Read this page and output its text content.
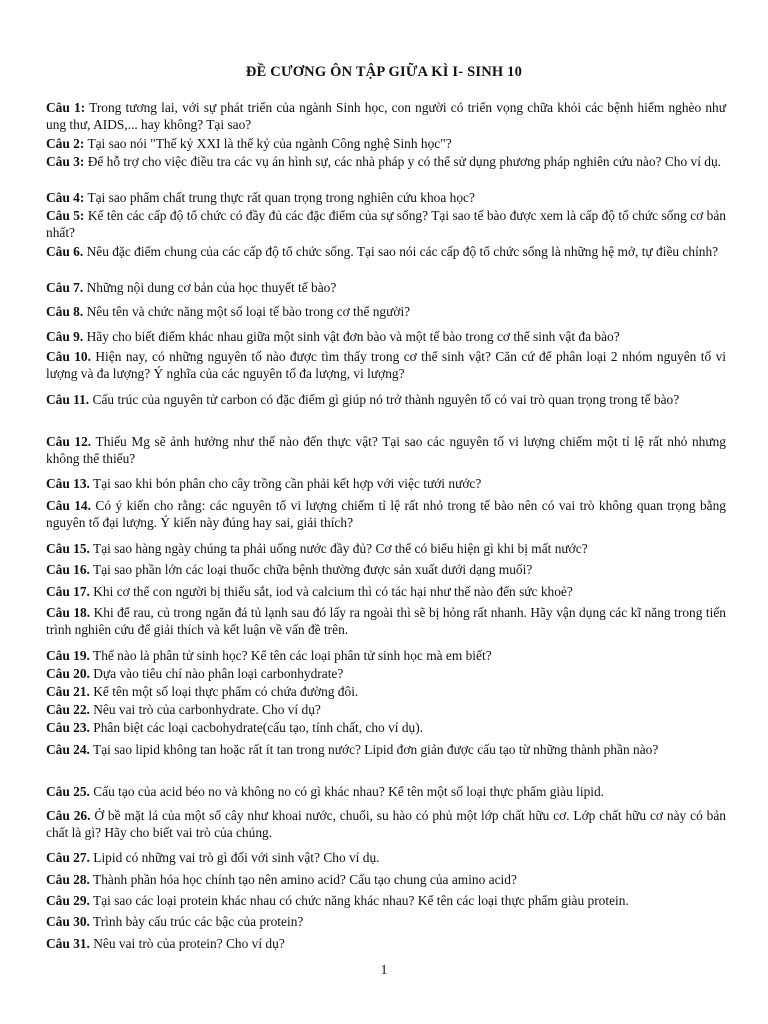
ĐỀ CƯƠNG ÔN TẬP GIỮA KÌ I- SINH 10
Câu 1: Trong tương lai, với sự phát triển của ngành Sinh học, con người có triển vọng chữa khỏi các bệnh hiểm nghèo như ung thư, AIDS,... hay không? Tại sao?
Câu 2: Tại sao nói "Thế kỷ XXI là thế kỷ của ngành Công nghệ Sinh học"?
Câu 3: Để hỗ trợ cho việc điều tra các vụ án hình sự, các nhà pháp y có thể sử dụng phương pháp nghiên cứu nào? Cho ví dụ.
Câu 4: Tại sao phẩm chất trung thực rất quan trọng trong nghiên cứu khoa học?
Câu 5: Kể tên các cấp độ tổ chức có đầy đủ các đặc điểm của sự sống? Tại sao tế bào được xem là cấp độ tổ chức sống cơ bản nhất?
Câu 6. Nêu đặc điểm chung của các cấp độ tổ chức sống. Tại sao nói các cấp độ tổ chức sống là những hệ mở, tự điều chỉnh?
Câu 7. Những nội dung cơ bản của học thuyết tế bào?
Câu 8. Nêu tên và chức năng một số loại tế bào trong cơ thể người?
Câu 9. Hãy cho biết điểm khác nhau giữa một sinh vật đơn bào và một tế bào trong cơ thể sinh vật đa bào?
Câu 10. Hiện nay, có những nguyên tố nào được tìm thấy trong cơ thể sinh vật? Căn cứ để phân loại 2 nhóm nguyên tố vi lượng và đa lượng? Ý nghĩa của các nguyên tố đa lượng, vi lượng?
Câu 11. Cấu trúc của nguyên tử carbon có đặc điểm gì giúp nó trở thành nguyên tố có vai trò quan trọng trong tế bào?
Câu 12. Thiếu Mg sẽ ảnh hưởng như thế nào đến thực vật? Tại sao các nguyên tố vi lượng chiếm một tỉ lệ rất nhỏ nhưng không thể thiếu?
Câu 13. Tại sao khi bón phân cho cây trồng cần phải kết hợp với việc tưới nước?
Câu 14. Có ý kiến cho rằng: các nguyên tố vi lượng chiếm tỉ lệ rất nhỏ trong tế bào nên có vai trò không quan trọng bằng nguyên tố đại lượng. Ý kiến này đúng hay sai, giải thích?
Câu 15. Tại sao hàng ngày chúng ta phải uống nước đầy đủ? Cơ thể có biểu hiện gì khi bị mất nước?
Câu 16. Tại sao phần lớn các loại thuốc chữa bệnh thường được sản xuất dưới dạng muối?
Câu 17. Khi cơ thể con người bị thiếu sắt, iod và calcium thì có tác hại như thế nào đến sức khoẻ?
Câu 18. Khi để rau, củ trong ngăn đá tủ lạnh sau đó lấy ra ngoài thì sẽ bị hỏng rất nhanh. Hãy vận dụng các kĩ năng trong tiến trình nghiên cứu để giải thích và kết luận về vấn đề trên.
Câu 19. Thế nào là phân tử sinh học? Kể tên các loại phân tử sinh học mà em biết?
Câu 20. Dựa vào tiêu chí nào phân loại carbonhydrate?
Câu 21. Kể tên một số loại thực phẩm có chứa đường đôi.
Câu 22. Nêu vai trò của carbonhydrate. Cho ví dụ?
Câu 23. Phân biệt các loại cacbohydrate(cấu tạo, tính chất, cho ví dụ).
Câu 24. Tại sao lipid không tan hoặc rất ít tan trong nước? Lipid đơn giản được cấu tạo từ những thành phần nào?
Câu 25. Cấu tạo của acid béo no và không no có gì khác nhau? Kể tên một số loại thực phẩm giàu lipid.
Câu 26. Ở bề mặt lá của một số cây như khoai nước, chuối, su hào có phủ một lớp chất hữu cơ. Lớp chất hữu cơ này có bản chất là gì? Hãy cho biết vai trò của chúng.
Câu 27. Lipid có những vai trò gì đối với sinh vật? Cho ví dụ.
Câu 28. Thành phần hóa học chính tạo nên amino acid? Cấu tạo chung của amino acid?
Câu 29. Tại sao các loại protein khác nhau có chức năng khác nhau? Kể tên các loại thực phẩm giàu protein.
Câu 30. Trình bày cấu trúc các bậc của protein?
Câu 31. Nêu vai trò của protein? Cho ví dụ?
1
